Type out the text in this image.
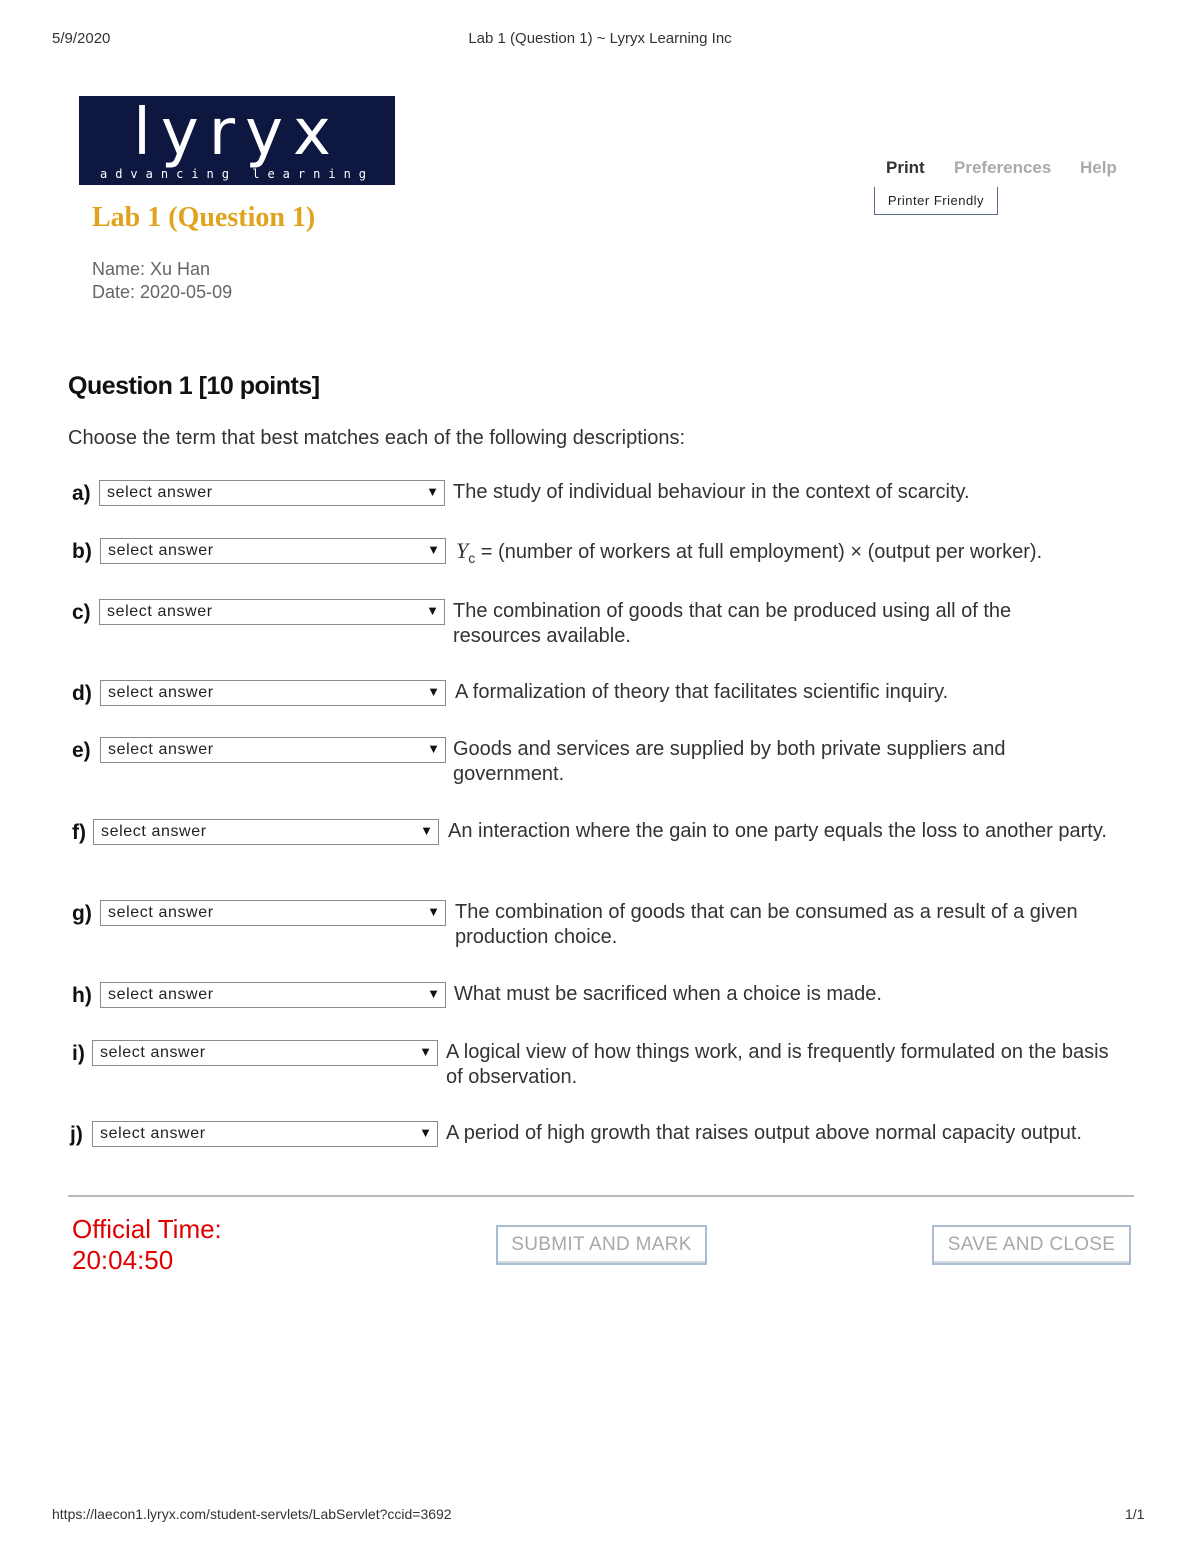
5/9/2020	Lab 1 (Question 1) ~ Lyryx Learning Inc
lyryx
advancing learning	Print Preferences Help
Printer Friendly
Lab 1 (Question 1)
Name: Xu Han
Date: 2020-05-09
Question 1 [10 points]
Choose the term that best matches each of the following descriptions:
a) select answer	▼ The study of individual behaviour in the context of scarcity.
b) select answer	▼ $Y_c$ = (number of workers at full employment) × (output per worker).
c) select answer	▼ The combination of goods that can be produced using all of the resources available.
d) select answer	▼ A formalization of theory that facilitates scientific inquiry.
e) select answer	▼ Goods and services are supplied by both private suppliers and government.
f) select answer	▼ An interaction where the gain to one party equals the loss to another party.
g) select answer	▼ The combination of goods that can be consumed as a result of a given production choice.
h) select answer	▼ What must be sacrificed when a choice is made.
i) select answer	▼ A logical view of how things work, and is frequently formulated on the basis of observation.
j) select answer	▼ A period of high growth that raises output above normal capacity output.
Official Time:
20:04:50
SUBMIT AND MARK	SAVE AND CLOSE
https://laecon1.lyryx.com/student-servlets/LabServlet?ccid=3692	1/1
